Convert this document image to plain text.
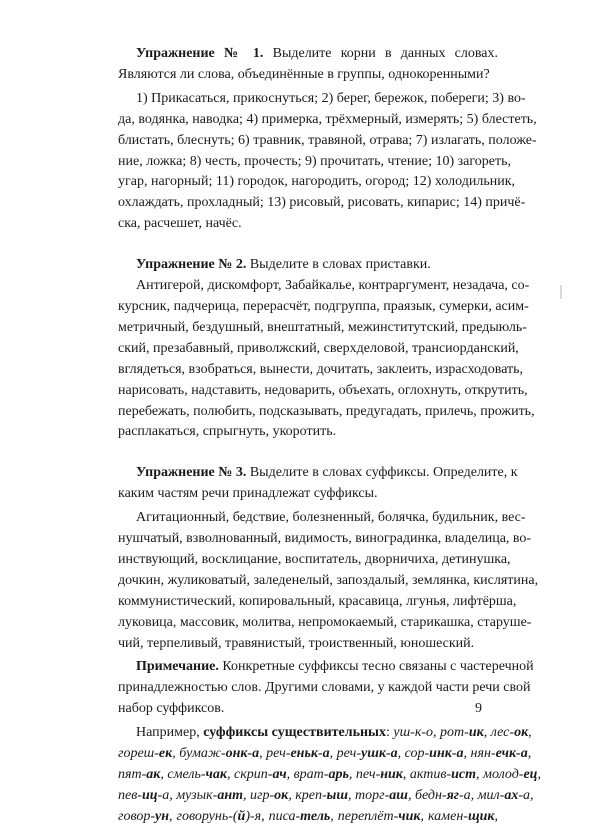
Упражнение № 1. Выделите корни в данных словах. Являются ли слова, объединённые в группы, однокоренными?

1) Прикасаться, прикоснуться; 2) берег, бережок, побереги; 3) во-
да, водянка, наводка; 4) примерка, трёхмерный, измерять; 5) блестеть,
блистать, блеснуть; 6) травник, травяной, отрава; 7) излагать, положе-
ние, ложка; 8) честь, прочесть; 9) прочитать, чтение; 10) загореть,
угар, нагорный; 11) городок, нагородить, огород; 12) холодильник,
охлаждать, прохладный; 13) рисовый, рисовать, кипарис; 14) причё-
ска, расчешет, начёс.

Упражнение № 2. Выделите в словах приставки.

Антигерой, дискомфорт, Забайкалье, контраргумент, незадача, со-
курсник, падчерица, перерасчёт, подгруппа, праязык, сумерки, асим-
метричный, бездушный, внештатный, межинститутский, предыюль-
ский, презабавный, приволжский, сверхделовой, трансиорданский,
вглядеться, взобраться, вынести, дочитать, заклеить, израсходовать,
нарисовать, надставить, недоварить, объехать, оглохнуть, открутить,
перебежать, полюбить, подсказывать, предугадать, прилечь, прожить,
расплакаться, спрыгнуть, укоротить.
Упражнение № 3. Выделите в словах суффиксы. Определите, к
каким частям речи принадлежат суффиксы.
Агитационный, бедствие, болезненный, болячка, будильник, вес-
нушчатый, взволнованный, видимость, виноградинка, владелица, во-
инствующий, восклицание, воспитатель, дворничиха, детинушка,
дочкин, жуликоватый, заледенелый, запоздалый, землянка, кислятина,
коммунистический, копировальный, красавица, лгунья, лифтёрша,
луковица, массовик, молитва, непромокаемый, старикашка, старуше-
чий, терпеливый, травянистый, троиственный, юношеский.
Примечание. Конкретные суффиксы тесно связаны с частеречной
принадлежностью слов. Другими словами, у каждой части речи свой
набор суффиксов.
Например, суффиксы существительных: уш-к-о, рот-ик, лес-ок,
гореш-ек, бумаж-онк-а, реч-еньк-а, реч-ушк-а, сор-инк-а, нян-ечк-а,
пят-ак, смель-чак, скрип-ач, врат-арь, печ-ник, актив-ист, молод-ец,
пев-иц-а, музык-ант, игр-ок, креп-ыш, торг-аш, бедн-яг-а, мил-ах-а,
говор-ун, говорунь-(й)-я, писа-тель, переплёт-чик, камен-щик,
9
